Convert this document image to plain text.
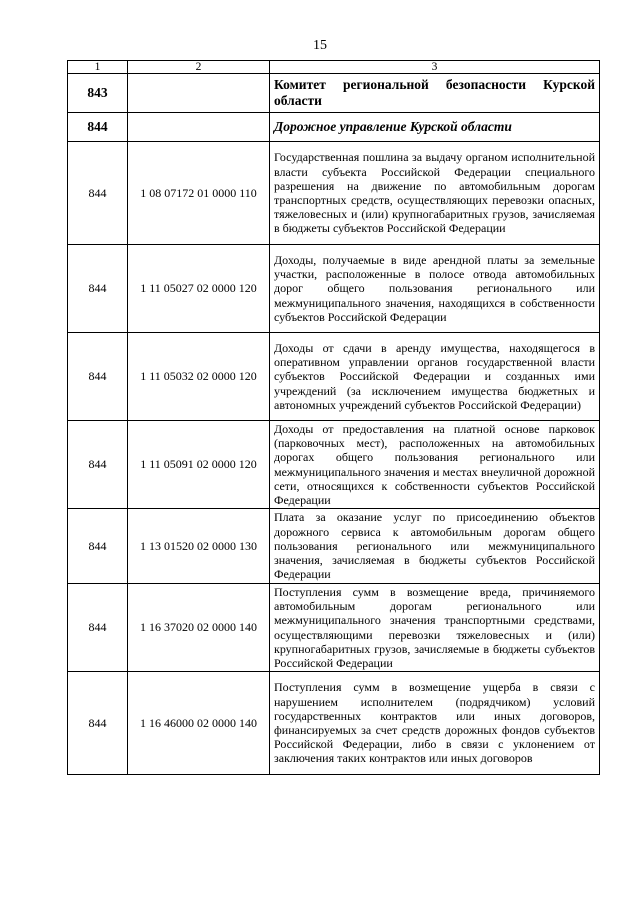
15
1	2	3
843		Комитет региональной безопасности Курской области
844		Дорожное управление Курской области
844	1 08 07172 01 0000 110	Государственная пошлина за выдачу органом исполнительной власти субъекта Российской Федерации специального разрешения на движение по автомобильным дорогам транспортных средств, осуществляющих перевозки опасных, тяжеловесных и (или) крупногабаритных грузов, зачисляемая в бюджеты субъектов Российской Федерации
844	1 11 05027 02 0000 120	Доходы, получаемые в виде арендной платы за земельные участки, расположенные в полосе отвода автомобильных дорог общего пользования регионального или межмуниципального значения, находящихся в собственности субъектов Российской Федерации
844	1 11 05032 02 0000 120	Доходы от сдачи в аренду имущества, находящегося в оперативном управлении органов государственной власти субъектов Российской Федерации и созданных ими учреждений (за исключением имущества бюджетных и автономных учреждений субъектов Российской Федерации)
844	1 11 05091 02 0000 120	Доходы от предоставления на платной основе парковок (парковочных мест), расположенных на автомобильных дорогах общего пользования регионального или межмуниципального значения и местах внеуличной дорожной сети, относящихся к собственности субъектов Российской Федерации
844	1 13 01520 02 0000 130	Плата за оказание услуг по присоединению объектов дорожного сервиса к автомобильным дорогам общего пользования регионального или межмуниципального значения, зачисляемая в бюджеты субъектов Российской Федерации
844	1 16 37020 02 0000 140	Поступления сумм в возмещение вреда, причиняемого автомобильным дорогам регионального или межмуниципального значения транспортными средствами, осуществляющими перевозки тяжеловесных и (или) крупногабаритных грузов, зачисляемые в бюджеты субъектов Российской Федерации
844	1 16 46000 02 0000 140	Поступления сумм в возмещение ущерба в связи с нарушением исполнителем (подрядчиком) условий государственных контрактов или иных договоров, финансируемых за счет средств дорожных фондов субъектов Российской Федерации, либо в связи с уклонением от заключения таких контрактов или иных договоров
